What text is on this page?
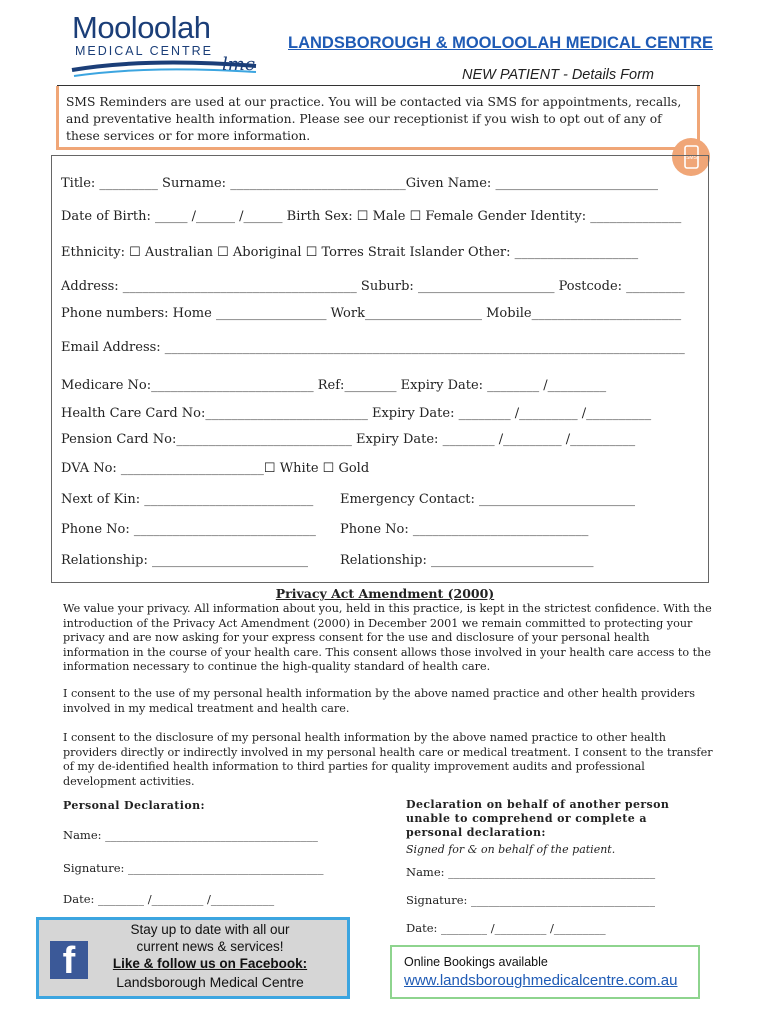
Mooloolah
MEDICAL CENTRE
lmc
LANDSBOROUGH & MOOLOOLAH MEDICAL CENTRE
NEW PATIENT - Details Form
SMS Reminders are used at our practice. You will be contacted via SMS for appointments, recalls, and preventative health information. Please see our receptionist if you wish to opt out of any of these services or for more information.
SMS
Title: _________ Surname: ___________________________Given Name: _________________________
Date of Birth: _____ /______ /______ Birth Sex: ☐ Male ☐ Female Gender Identity: ______________
Ethnicity: ☐ Australian ☐ Aboriginal ☐ Torres Strait Islander Other: ___________________
Address: ____________________________________ Suburb: _____________________ Postcode: _________
Phone numbers: Home _________________ Work__________________ Mobile_______________________
Email Address: ________________________________________________________________________________
Medicare No:_________________________ Ref:________ Expiry Date: ________ /_________
Health Care Card No:_________________________ Expiry Date: ________ /_________ /__________
Pension Card No:___________________________ Expiry Date: ________ /_________ /__________
DVA No: ______________________☐ White ☐ Gold
Next of Kin: __________________________ Emergency Contact: ________________________
Phone No: ____________________________ Phone No: ___________________________
Relationship: ________________________ Relationship: _________________________
Privacy Act Amendment (2000)
We value your privacy. All information about you, held in this practice, is kept in the strictest confidence. With the introduction of the Privacy Act Amendment (2000) in December 2001 we remain committed to protecting your privacy and are now asking for your express consent for the use and disclosure of your personal health information in the course of your health care. This consent allows those involved in your health care access to the information necessary to continue the high-quality standard of health care.
I consent to the use of my personal health information by the above named practice and other health providers involved in my medical treatment and health care.
I consent to the disclosure of my personal health information by the above named practice to other health providers directly or indirectly involved in my personal health care or medical treatment. I consent to the transfer of my de-identified health information to third parties for quality improvement audits and professional development activities.
Personal Declaration:
Name: _____________________________________
Signature: __________________________________
Date: ________ /_________ /___________
Declaration on behalf of another person unable to comprehend or complete a personal declaration:
Signed for & on behalf of the patient.
Name: ____________________________________
Signature: ________________________________
Date: ________ /_________ /_________
f
Stay up to date with all our
current news & services!
Like & follow us on Facebook:
Landsborough Medical Centre
Online Bookings available
www.landsboroughmedicalcentre.com.au
